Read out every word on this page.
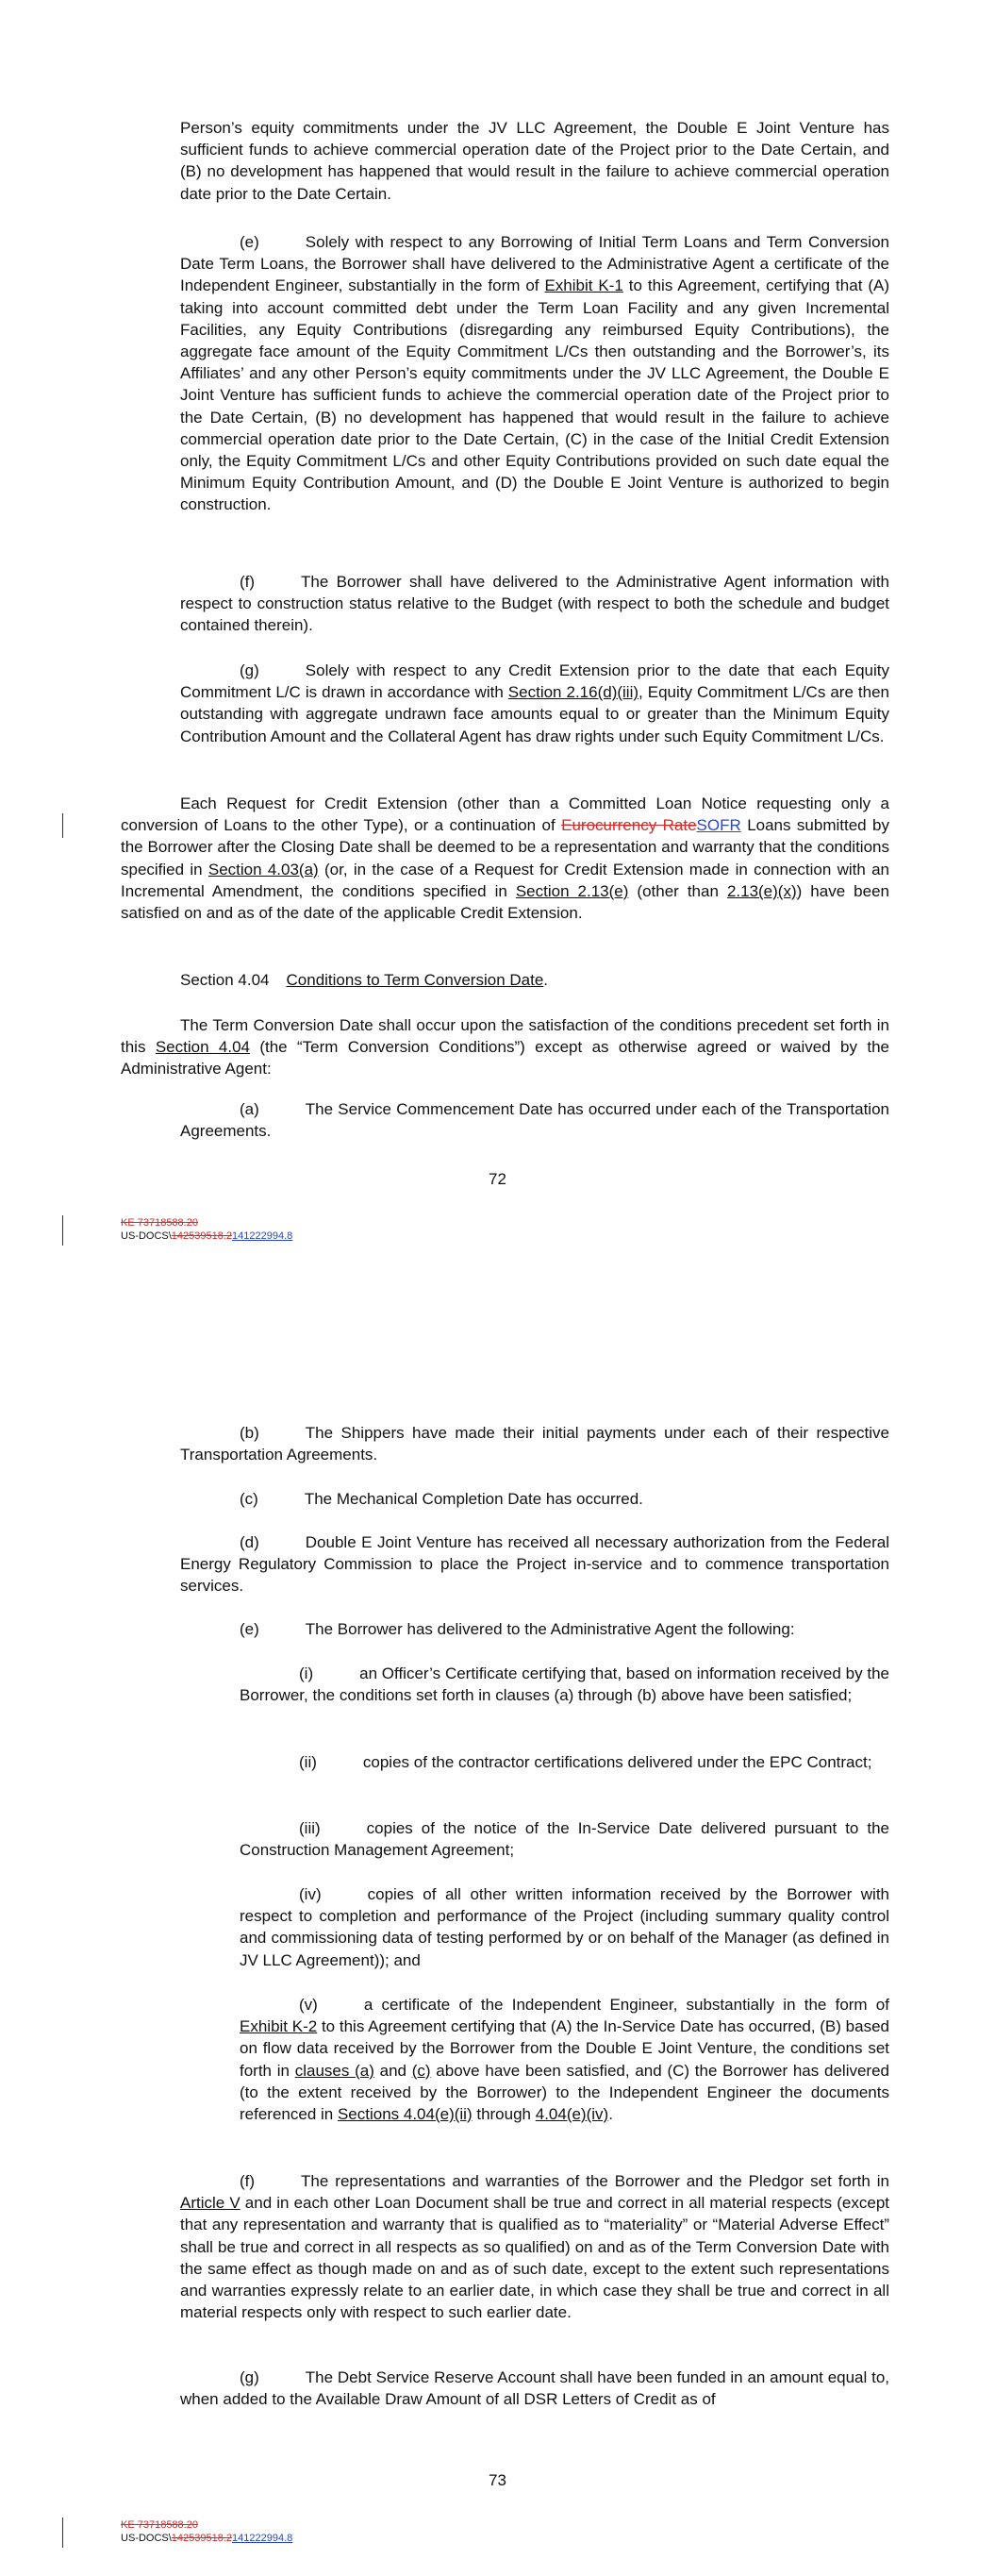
Person’s equity commitments under the JV LLC Agreement, the Double E Joint Venture has sufficient funds to achieve commercial operation date of the Project prior to the Date Certain, and (B) no development has happened that would result in the failure to achieve commercial operation date prior to the Date Certain.
(e)	Solely with respect to any Borrowing of Initial Term Loans and Term Conversion Date Term Loans, the Borrower shall have delivered to the Administrative Agent a certificate of the Independent Engineer, substantially in the form of Exhibit K-1 to this Agreement, certifying that (A) taking into account committed debt under the Term Loan Facility and any given Incremental Facilities, any Equity Contributions (disregarding any reimbursed Equity Contributions), the aggregate face amount of the Equity Commitment L/Cs then outstanding and the Borrower’s, its Affiliates’ and any other Person’s equity commitments under the JV LLC Agreement, the Double E Joint Venture has sufficient funds to achieve the commercial operation date of the Project prior to the Date Certain, (B) no development has happened that would result in the failure to achieve commercial operation date prior to the Date Certain, (C) in the case of the Initial Credit Extension only, the Equity Commitment L/Cs and other Equity Contributions provided on such date equal the Minimum Equity Contribution Amount, and (D) the Double E Joint Venture is authorized to begin construction.
(f)	The Borrower shall have delivered to the Administrative Agent information with respect to construction status relative to the Budget (with respect to both the schedule and budget contained therein).
(g)	Solely with respect to any Credit Extension prior to the date that each Equity Commitment L/C is drawn in accordance with Section 2.16(d)(iii), Equity Commitment L/Cs are then outstanding with aggregate undrawn face amounts equal to or greater than the Minimum Equity Contribution Amount and the Collateral Agent has draw rights under such Equity Commitment L/Cs.
Each Request for Credit Extension (other than a Committed Loan Notice requesting only a conversion of Loans to the other Type), or a continuation of Eurocurrency RateSOFR Loans submitted by the Borrower after the Closing Date shall be deemed to be a representation and warranty that the conditions specified in Section 4.03(a) (or, in the case of a Request for Credit Extension made in connection with an Incremental Amendment, the conditions specified in Section 2.13(e) (other than 2.13(e)(x)) have been satisfied on and as of the date of the applicable Credit Extension.
Section 4.04 Conditions to Term Conversion Date.
The Term Conversion Date shall occur upon the satisfaction of the conditions precedent set forth in this Section 4.04 (the “Term Conversion Conditions”) except as otherwise agreed or waived by the Administrative Agent:
(a)	The Service Commencement Date has occurred under each of the Transportation Agreements.
72
KE 73718588.20
US-DOCS\142539518.2141222994.8
(b)	The Shippers have made their initial payments under each of their respective Transportation Agreements.
(c)	The Mechanical Completion Date has occurred.
(d)	Double E Joint Venture has received all necessary authorization from the Federal Energy Regulatory Commission to place the Project in-service and to commence transportation services.
(e)	The Borrower has delivered to the Administrative Agent the following:
(i)	an Officer’s Certificate certifying that, based on information received by the Borrower, the conditions set forth in clauses (a) through (b) above have been satisfied;
(ii)	copies of the contractor certifications delivered under the EPC Contract;
(iii)	copies of the notice of the In-Service Date delivered pursuant to the Construction Management Agreement;
(iv)	copies of all other written information received by the Borrower with respect to completion and performance of the Project (including summary quality control and commissioning data of testing performed by or on behalf of the Manager (as defined in JV LLC Agreement)); and
(v)	a certificate of the Independent Engineer, substantially in the form of Exhibit K-2 to this Agreement certifying that (A) the In-Service Date has occurred, (B) based on flow data received by the Borrower from the Double E Joint Venture, the conditions set forth in clauses (a) and (c) above have been satisfied, and (C) the Borrower has delivered (to the extent received by the Borrower) to the Independent Engineer the documents referenced in Sections 4.04(e)(ii) through 4.04(e)(iv).
(f)	The representations and warranties of the Borrower and the Pledgor set forth in Article V and in each other Loan Document shall be true and correct in all material respects (except that any representation and warranty that is qualified as to “materiality” or “Material Adverse Effect” shall be true and correct in all respects as so qualified) on and as of the Term Conversion Date with the same effect as though made on and as of such date, except to the extent such representations and warranties expressly relate to an earlier date, in which case they shall be true and correct in all material respects only with respect to such earlier date.
(g)	The Debt Service Reserve Account shall have been funded in an amount equal to, when added to the Available Draw Amount of all DSR Letters of Credit as of
73
KE 73718588.20
US-DOCS\142539518.2141222994.8
